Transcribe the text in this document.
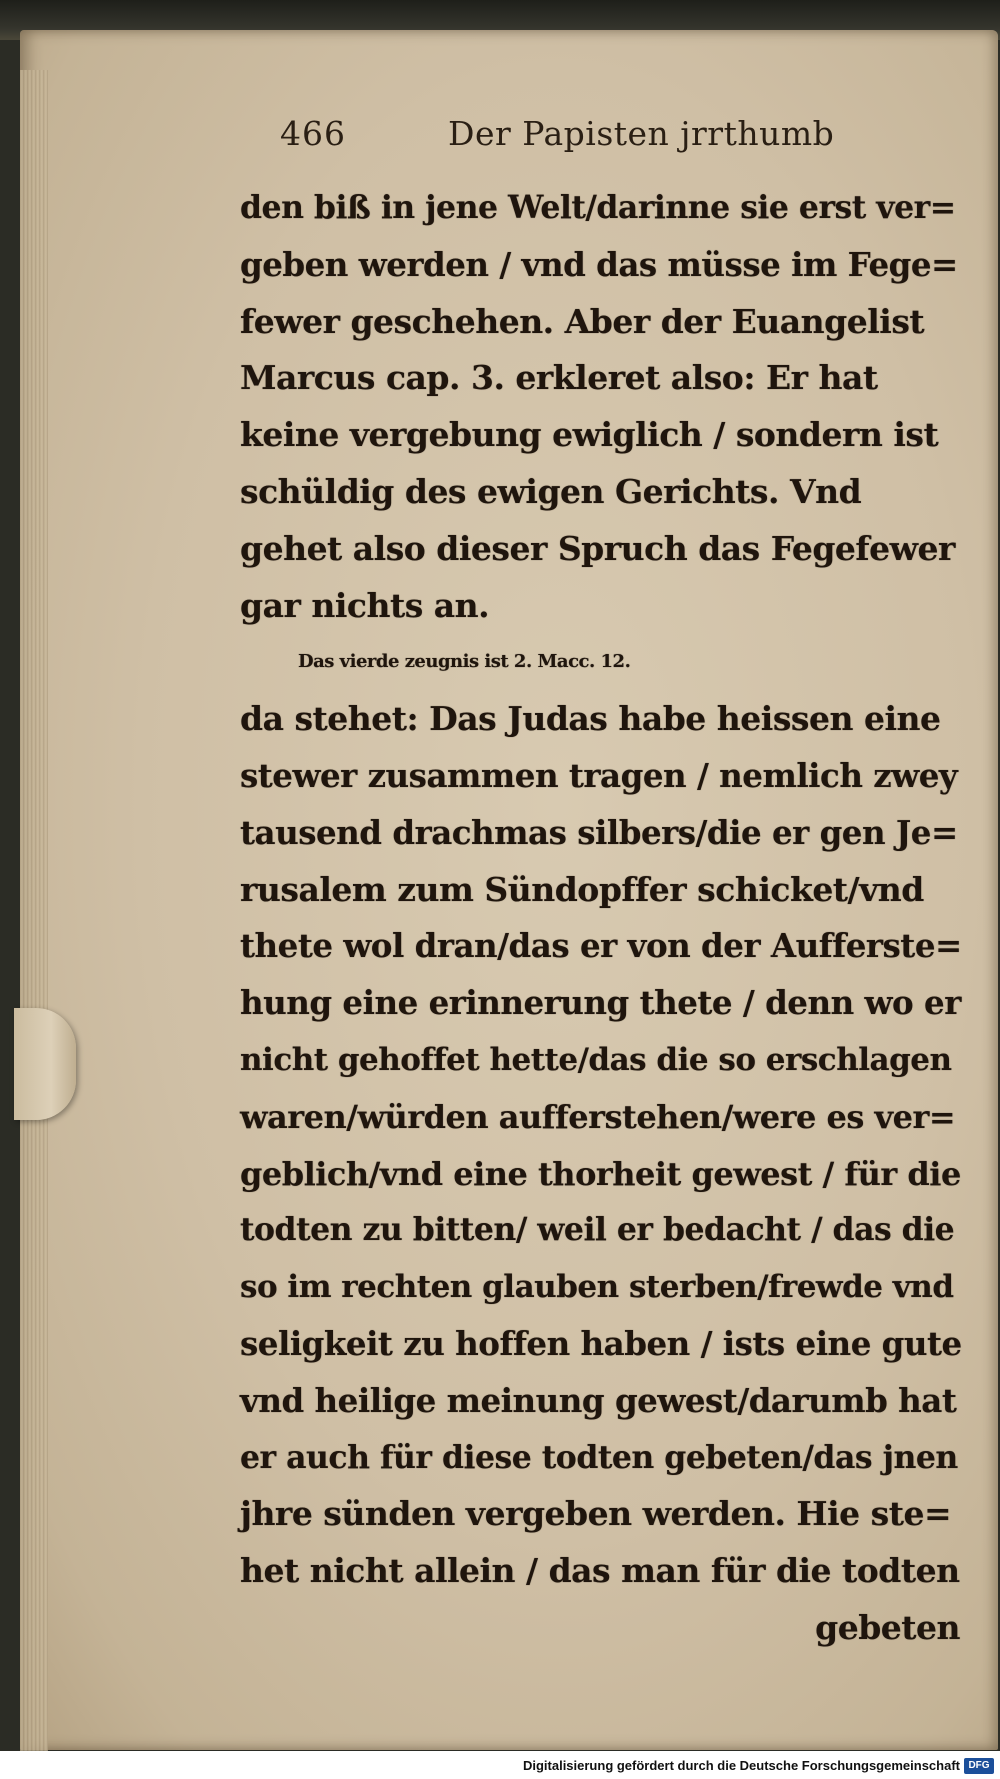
466	Der Papisten jrrthumb
den biß in jene Welt/darinne sie erst ver=
geben werden / vnd das müsse im Fege=
fewer geschehen. Aber der Euangelist
Marcus cap. 3. erkleret also: Er hat
keine vergebung ewiglich / sondern ist
schüldig des ewigen Gerichts. Vnd
gehet also dieser Spruch das Fegefewer
gar nichts an.
Das vierde zeugnis ist 2. Macc. 12.
da stehet: Das Judas habe heissen eine
stewer zusammen tragen / nemlich zwey
tausend drachmas silbers/die er gen Je=
rusalem zum Sündopffer schicket/vnd
thete wol dran/das er von der Aufferste=
hung eine erinnerung thete / denn wo er
nicht gehoffet hette/das die so erschlagen
waren/würden aufferstehen/were es ver=
geblich/vnd eine thorheit gewest / für die
todten zu bitten/ weil er bedacht / das die
so im rechten glauben sterben/frewde vnd
seligkeit zu hoffen haben / ists eine gute
vnd heilige meinung gewest/darumb hat
er auch für diese todten gebeten/das jnen
jhre sünden vergeben werden. Hie ste=
het nicht allein / das man für die todten
gebeten
Digitalisierung gefördert durch die Deutsche Forschungsgemeinschaft DFG
